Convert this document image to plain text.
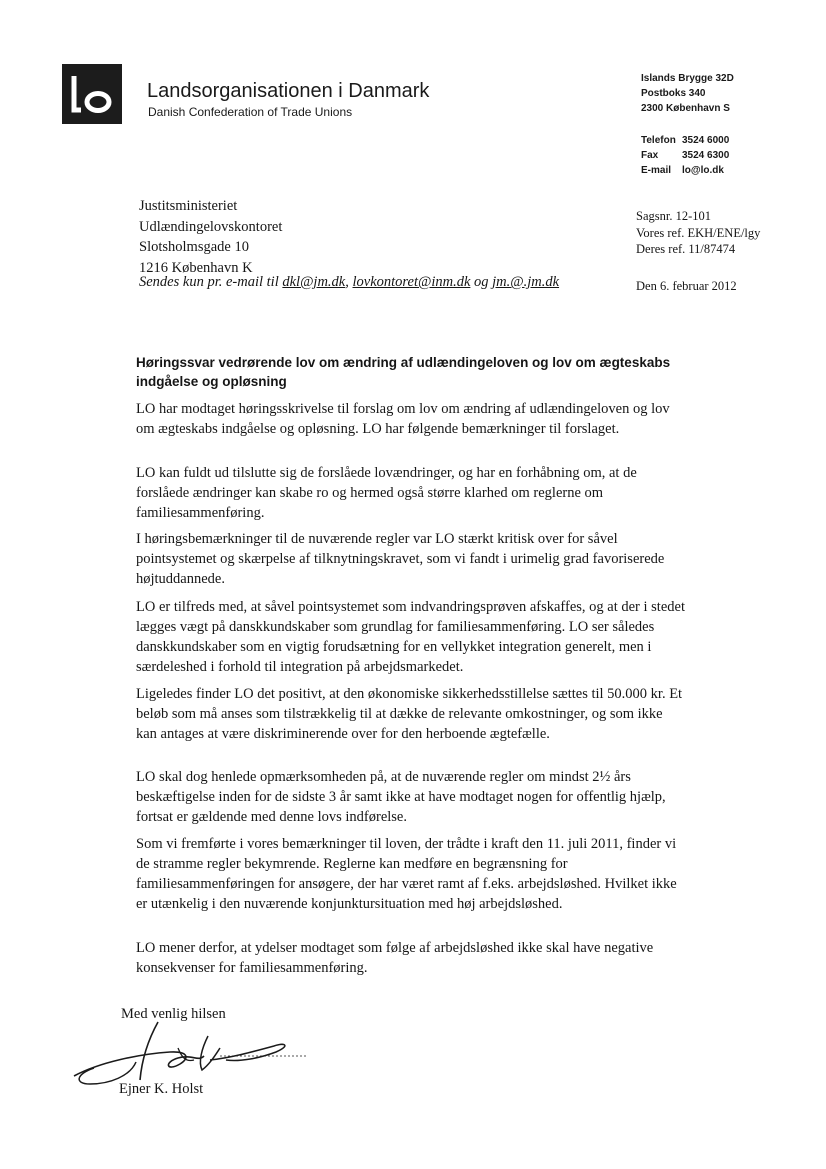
Landsorganisationen i Danmark
Danish Confederation of Trade Unions
Islands Brygge 32D
Postboks 340
2300 København S
Telefon 3524 6000
Fax	3524 6300
E-mail	lo@lo.dk
Justitsministeriet
Udlændingelovskontoret
Slotsholmsgade 10
1216 København K
Sendes kun pr. e-mail til dkl@jm.dk, lovkontoret@inm.dk og jm.@.jm.dk
Sagsnr. 12-101
Vores ref. EKH/ENE/lgy
Deres ref. 11/87474
Den 6. februar 2012
Høringssvar vedrørende lov om ændring af udlændingeloven og lov om ægteskabs indgåelse og opløsning
LO har modtaget høringsskrivelse til forslag om lov om ændring af udlændingeloven og lov om ægteskabs indgåelse og opløsning. LO har følgende bemærkninger til forslaget.
LO kan fuldt ud tilslutte sig de forslåede lovændringer, og har en forhåbning om, at de forslåede ændringer kan skabe ro og hermed også større klarhed om reglerne om familiesammenføring.
I høringsbemærkninger til de nuværende regler var LO stærkt kritisk over for såvel pointsystemet og skærpelse af tilknytningskravet, som vi fandt i urimelig grad favoriserede højtuddannede.
LO er tilfreds med, at såvel pointsystemet som indvandringsprøven afskaffes, og at der i stedet lægges vægt på danskkundskaber som grundlag for familiesammenføring. LO ser således danskkundskaber som en vigtig forudsætning for en vellykket integration generelt, men i særdeleshed i forhold til integration på arbejdsmarkedet.
Ligeledes finder LO det positivt, at den økonomiske sikkerhedsstillelse sættes til 50.000 kr. Et beløb som må anses som tilstrækkelig til at dække de relevante omkostninger, og som ikke kan antages at være diskriminerende over for den herboende ægtefælle.
LO skal dog henlede opmærksomheden på, at de nuværende regler om mindst 2½ års beskæftigelse inden for de sidste 3 år samt ikke at have modtaget nogen for offentlig hjælp, fortsat er gældende med denne lovs indførelse.
Som vi fremførte i vores bemærkninger til loven, der trådte i kraft den 11. juli 2011, finder vi de stramme regler bekymrende. Reglerne kan medføre en begrænsning for familiesammenføringen for ansøgere, der har været ramt af f.eks. arbejdsløshed. Hvilket ikke er utænkelig i den nuværende konjunktursituation med høj arbejdsløshed.
LO mener derfor, at ydelser modtaget som følge af arbejdsløshed ikke skal have negative konsekvenser for familiesammenføring.
Med venlig hilsen
Ejner K. Holst
